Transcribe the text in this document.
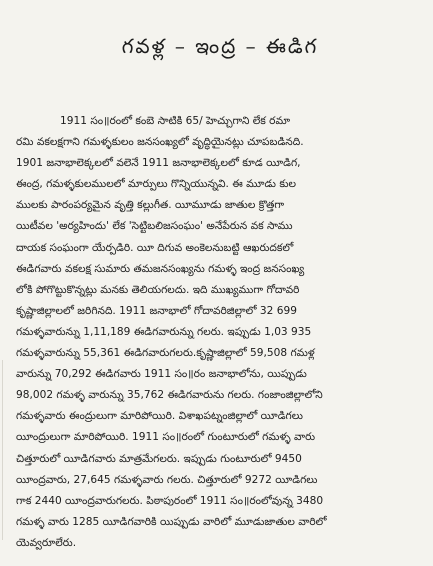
గవళ్ల – ఇంద్ర – ఈడిగ
1911 సం॥రంలో కంబె సాటికి 65/ హెచ్చుగాని లేక రమా
రమి వకలక్షగాని గమళ్ళకులం జనసంఖ్యలో వృద్ధియైనట్లు చూపబడినది.
1901 జనాభాలెక్కలలో వలెనే 1911 జనాభాలెక్కలలో కూడ యీడిగ,
ఈంద్ర, గమళ్ళకులములలో మార్పులు గొన్నియున్నవి. ఈ మూడు కుల
ములకు పారంపర్యమైన వృత్తి కల్లుగీత. యీమూడు జాతుల క్రొత్తగా
యిటీవల 'అర్యహిందు' లేక 'సెట్టిబలిజసంఘం' అనేపేరున వక సాము
దాయక సంఘంగా యేర్పడిరి. యీ దిగువ అంకెలనుబట్టి ఆఖరుదకలో
ఈడిగవారు వకలక్ష సుమారు తమజనసంఖ్యను గమళ్ళ ఇంద్ర జనసంఖ్య
లోకి పోగొట్టుకొన్నట్లు మనకు తెలియగలదు. ఇది ముఖ్యముగా గోదావరి
కృష్ణాజిల్లాలలో జరిగినది. 1911 జనాభాలో గోదావరిజిల్లాలో 32 699
గమళ్ళవారున్ను 1,11,189 ఈడిగవారున్ను గలరు. ఇప్పుడు 1,03 935
గమళ్ళవారున్ను 55,361 ఈడిగవారుగలరు.కృష్ణాజిల్లాలో 59,508 గమళ్ల
వారున్ను 70,292 ఈడిగవారు 1911 సం॥రం జనాభాలోను, యిప్పుడు
98,002 గమళ్ళ వారున్ను 35,762 ఈడిగవారును గలరు. గంజాంజిల్లాలోని
గమళ్ళవారు ఈంద్రులుగా మారిపోయిరి. విశాఖపట్నంజిల్లాలో యీడిగలు
యీంద్రులుగా మారిపోయిరి. 1911 సం॥రంలో గుంటూరులో గమళ్ళ వారు
చిత్తూరులో యీడిగవారు మాత్రమేగలరు. ఇప్పుడు గుంటూరులో 9450
యీంద్రవారు, 27,645 గమళ్ళవారు గలరు. చిత్తూరులో 9272 యీడిగలు
గాక 2440 యీంద్రవారుగలరు. పిఠాపురంలో 1911 సం॥రంలోవున్న 3480
గమళ్ళ వారు 1285 యీడిగవారికి యిప్పుడు వారిలో మూడుజాతుల వారిలో
యెవ్వరూలేరు.
